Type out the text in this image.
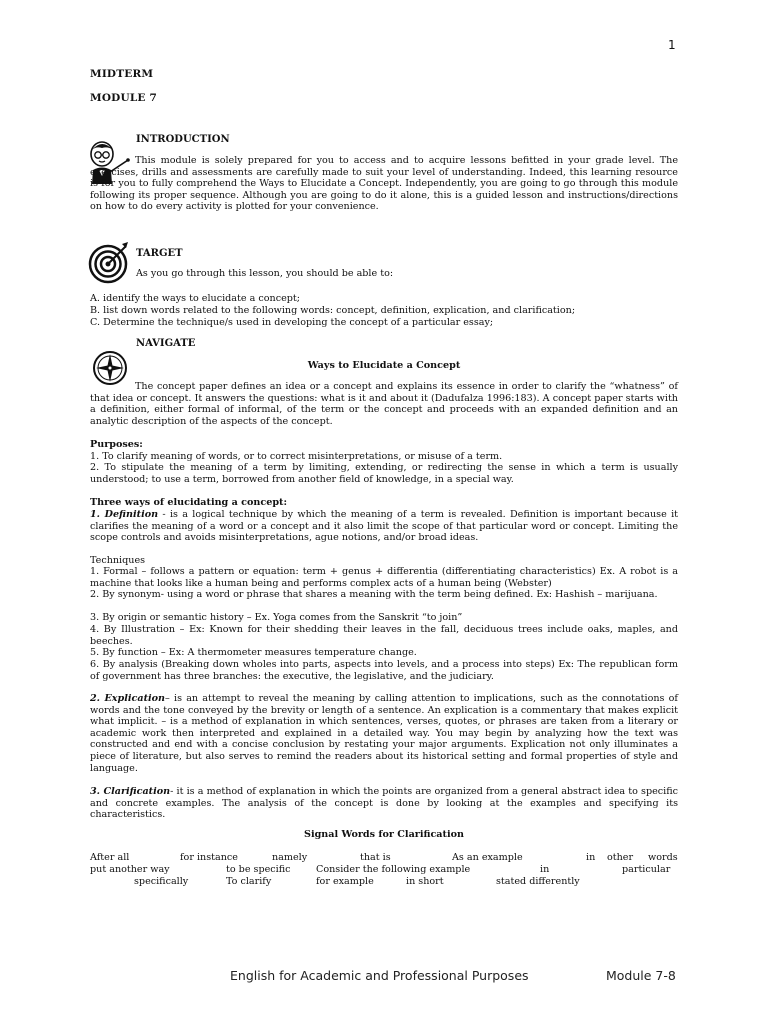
1
MIDTERM
MODULE 7
INTRODUCTION

This module is solely prepared for you to access and to acquire lessons befitted in your grade level. The exercises, drills and assessments are carefully made to suit your level of understanding. Indeed, this learning resource is for you to fully comprehend the Ways to Elucidate a Concept. Independently, you are going to go through this module following its proper sequence. Although you are going to do it alone, this is a guided lesson and instructions/directions on how to do every activity is plotted for your convenience.

TARGET
As you go through this lesson, you should be able to:
A. identify the ways to elucidate a concept;
B. list down words related to the following words: concept, definition, explication, and clarification;
C. Determine the technique/s used in developing the concept of a particular essay;
NAVIGATE
Ways to Elucidate a Concept

The concept paper defines an idea or a concept and explains its essence in order to clarify the “whatness” of that idea or concept. It answers the questions: what is it and about it (Dadufalza 1996:183). A concept paper starts with a definition, either formal of informal, of the term or the concept and proceeds with an expanded definition and an analytic description of the aspects of the concept.

Purposes:

1. To clarify meaning of words, or to correct misinterpretations, or misuse of a term.

2. To stipulate the meaning of a term by limiting, extending, or redirecting the sense in which a term is usually understood; to use a term, borrowed from another field of knowledge, in a special way.

Three ways of elucidating a concept:

1. Definition - is a logical technique by which the meaning of a term is revealed. Definition is important because it clarifies the meaning of a word or a concept and it also limit the scope of that particular word or concept. Limiting the scope controls and avoids misinterpretations, ague notions, and/or broad ideas.

Techniques

1. Formal – follows a pattern or equation: term + genus + differentia (differentiating characteristics) Ex. A robot is a machine that looks like a human being and performs complex acts of a human being (Webster)

2. By synonym- using a word or phrase that shares a meaning with the term being defined. Ex: Hashish – marijuana.

3. By origin or semantic history – Ex. Yoga comes from the Sanskrit “to join”

4. By Illustration – Ex: Known for their shedding their leaves in the fall, deciduous trees include oaks, maples, and beeches.

5. By function – Ex: A thermometer measures temperature change.

6. By analysis (Breaking down wholes into parts, aspects into levels, and a process into steps) Ex: The republican form of government has three branches: the executive, the legislative, and the judiciary.

2. Explication– is an attempt to reveal the meaning by calling attention to implications, such as the connotations of words and the tone conveyed by the brevity or length of a sentence. An explication is a commentary that makes explicit what implicit. – is a method of explanation in which sentences, verses, quotes, or phrases are taken from a literary or academic work then interpreted and explained in a detailed way. You may begin by analyzing how the text was constructed and end with a concise conclusion by restating your major arguments. Explication not only illuminates a piece of literature, but also serves to remind the readers about its historical setting and formal properties of style and language.

3. Clarification- it is a method of explanation in which the points are organized from a general abstract idea to specific and concrete examples. The analysis of the concept is done by looking at the examples and specifying its characteristics.

Signal Words for Clarification
After all	for instance	namely	that is	As an example	in other words
put another way	to be specific	Consider the following example	in	particular
specifically	To clarify	for example	in short	stated differently
English for Academic and Professional Purposes	Module 7-8
